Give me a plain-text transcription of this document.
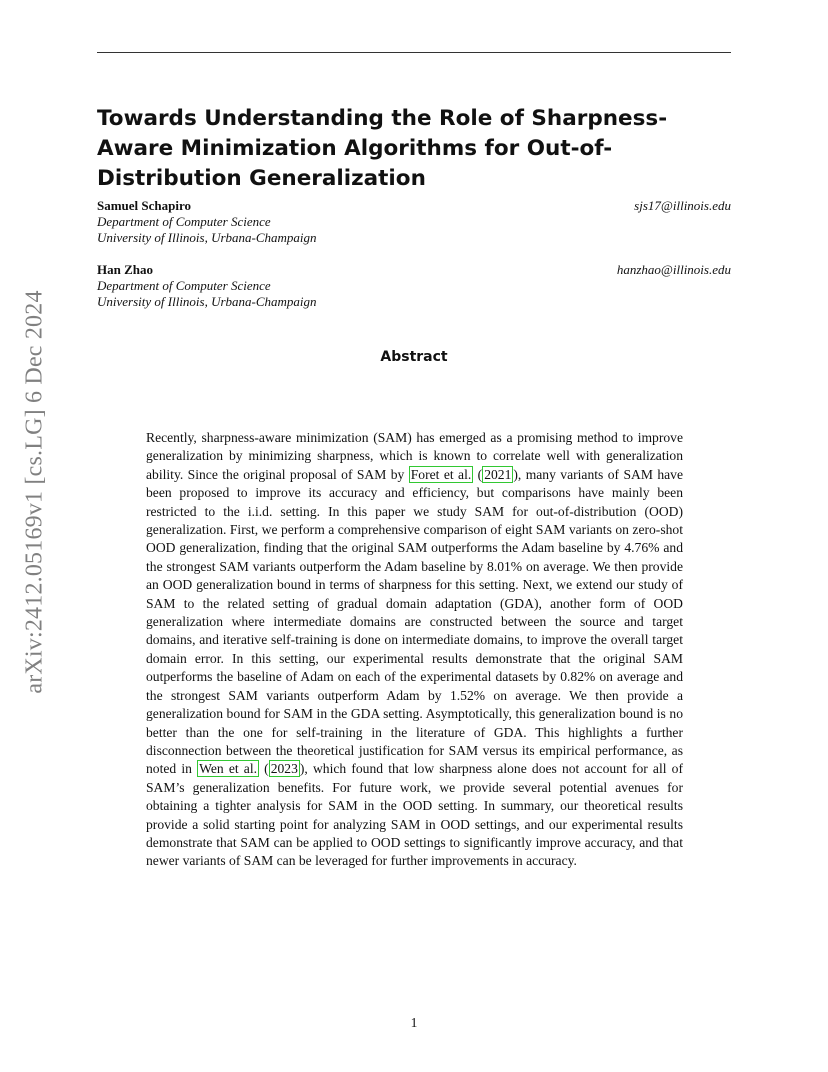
Towards Understanding the Role of Sharpness-Aware Minimization Algorithms for Out-of-Distribution Generalization
Samuel Schapiro	sjs17@illinois.edu
Department of Computer Science
University of Illinois, Urbana-Champaign
Han Zhao	hanzhao@illinois.edu
Department of Computer Science
University of Illinois, Urbana-Champaign
Abstract
Recently, sharpness-aware minimization (SAM) has emerged as a promising method to improve generalization by minimizing sharpness, which is known to correlate well with generalization ability. Since the original proposal of SAM by Foret et al. ( 2021 ), many variants of SAM have been proposed to improve its accuracy and efficiency, but comparisons have mainly been restricted to the i.i.d. setting. In this paper we study SAM for out-of-distribution (OOD) generalization. First, we perform a comprehensive comparison of eight SAM variants on zero-shot OOD generalization, finding that the original SAM outperforms the Adam baseline by 4.76% and the strongest SAM variants outperform the Adam baseline by 8.01% on average. We then provide an OOD generalization bound in terms of sharpness for this setting. Next, we extend our study of SAM to the related setting of gradual domain adaptation (GDA), another form of OOD generalization where intermediate domains are constructed between the source and target domains, and iterative self-training is done on intermediate domains, to improve the overall target domain error. In this setting, our experimental results demonstrate that the original SAM outperforms the baseline of Adam on each of the experimental datasets by 0.82% on average and the strongest SAM variants outperform Adam by 1.52% on average. We then provide a generalization bound for SAM in the GDA setting. Asymptotically, this generalization bound is no better than the one for self-training in the literature of GDA. This highlights a further disconnection between the theoretical justification for SAM versus its empirical performance, as noted in Wen et al. ( 2023 ), which found that low sharpness alone does not account for all of SAM’s generalization benefits. For future work, we provide several potential avenues for obtaining a tighter analysis for SAM in the OOD setting. In summary, our theoretical results provide a solid starting point for analyzing SAM in OOD settings, and our experimental results demonstrate that SAM can be applied to OOD settings to significantly improve accuracy, and that newer variants of SAM can be leveraged for further improvements in accuracy.
arXiv:2412.05169v1 [cs.LG] 6 Dec 2024
1
